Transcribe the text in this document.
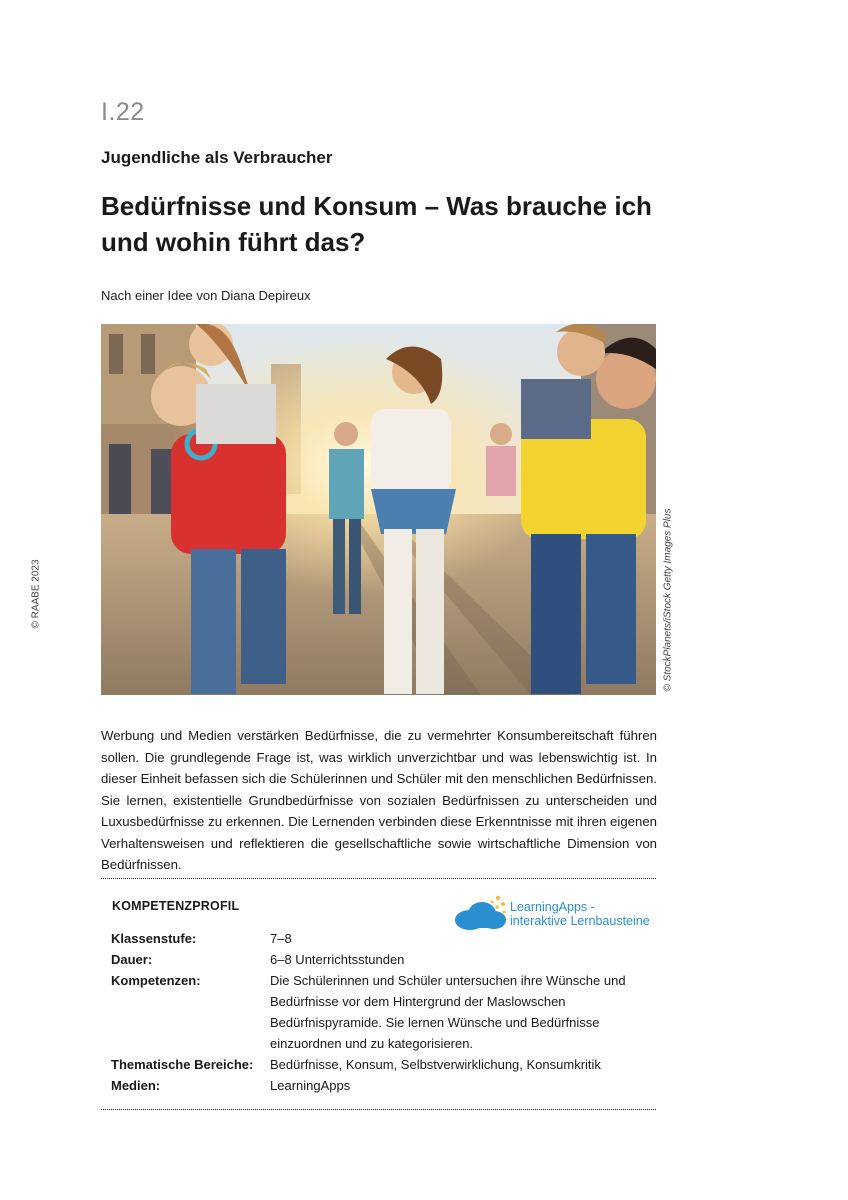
I.22
Jugendliche als Verbraucher
Bedürfnisse und Konsum – Was brauche ich und wohin führt das?
Nach einer Idee von Diana Depireux
© RAABE 2023	© StockPlanets/iStock Getty Images Plus
Werbung und Medien verstärken Bedürfnisse, die zu vermehrter Konsumbereitschaft führen sollen. Die grundlegende Frage ist, was wirklich unverzichtbar und was lebenswichtig ist. In dieser Einheit befassen sich die Schülerinnen und Schüler mit den menschlichen Bedürfnissen. Sie lernen, existentielle Grundbedürfnisse von sozialen Bedürfnissen zu unterscheiden und Luxusbedürfnisse zu erkennen. Die Lernenden verbinden diese Erkenntnisse mit ihren eigenen Verhaltensweisen und reflektieren die gesellschaftliche sowie wirtschaftliche Dimension von Bedürfnissen.
KOMPETENZPROFIL	LearningApps -
interaktive Lernbausteine
Klassenstufe:	7–8
Dauer:	6–8 Unterrichtsstunden
Kompetenzen:	Die Schülerinnen und Schüler untersuchen ihre Wünsche und Bedürfnisse vor dem Hintergrund der Maslowschen Bedürfnispyramide. Sie lernen Wünsche und Bedürfnisse einzuordnen und zu kategorisieren.
Thematische Bereiche:	Bedürfnisse, Konsum, Selbstverwirklichung, Konsumkritik
Medien:	LearningApps
